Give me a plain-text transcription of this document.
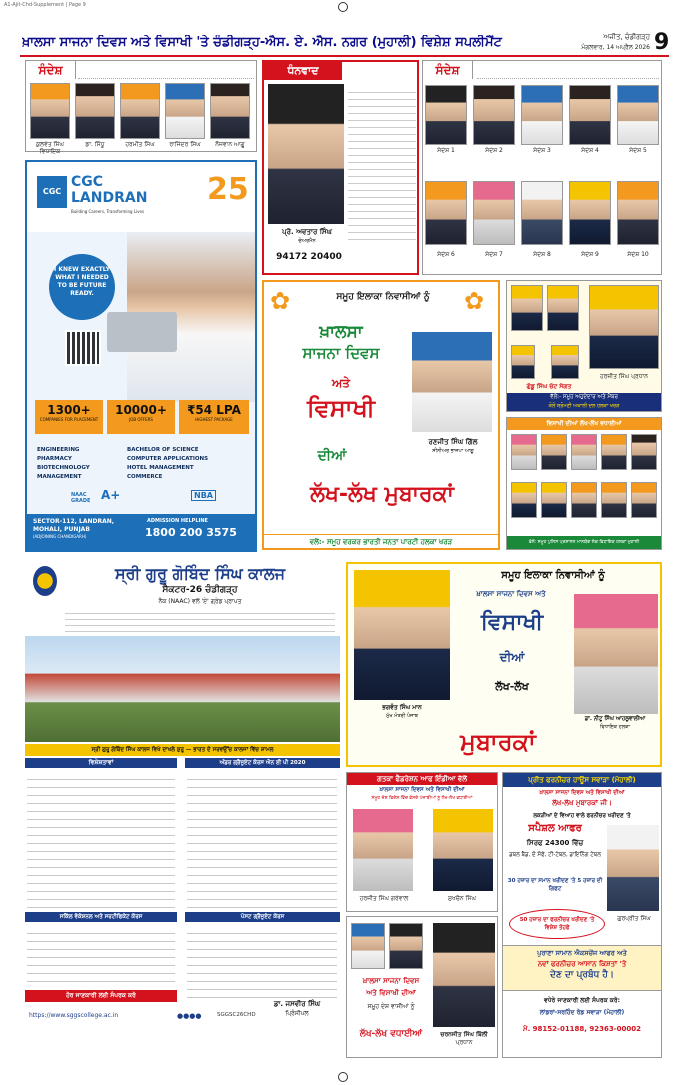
A1-Ajit-Chd-Supplement | Page 9
ਖ਼ਾਲਸਾ ਸਾਜਨਾ ਦਿਵਸ ਅਤੇ ਵਿਸਾਖੀ 'ਤੇ ਚੰਡੀਗੜ੍ਹ-ਐਸ. ਏ. ਐਸ. ਨਗਰ (ਮੁਹਾਲੀ) ਵਿਸ਼ੇਸ਼ ਸਪਲੀਮੈਂਟ	ਅਜੀਤ, ਚੰਡੀਗੜ੍ਹ
ਮੰਗਲਵਾਰ, 14 ਅਪ੍ਰੈਲ 2026 9
ਸੰਦੇਸ਼
ਕੁਲਵੰਤ ਸਿੰਘ ਵਿਧਾਇਕ
ਡਾ. ਸਿੱਧੂ	ਹਰਮੀਤ ਸਿੰਘ	ਰਾਜਿੰਦਰ ਸਿੰਘ	ਨੌਜਵਾਨ ਆਗੂ
CGC
CGC
LANDRAN
Building Careers, Transforming Lives
25
I KNEW EXACTLY WHAT I NEEDED TO BE FUTURE READY.
1300+
COMPANIES FOR PLACEMENT
10000+
JOB OFFERS
₹54 LPA
HIGHEST PACKAGE
ENGINEERING
PHARMACY
BIOTECHNOLOGY
MANAGEMENT
BACHELOR OF SCIENCE
COMPUTER APPLICATIONS
HOTEL MANAGEMENT
COMMERCE
NAAC GRADE A+	NBA
SECTOR-112, LANDRAN,
MOHALI, PUNJAB
(ADJOINING CHANDIGARH)
ADMISSION HELPLINE
1800 200 3575
ਧੰਨਵਾਦ
ਪ੍ਰੋ. ਅਵਤਾਰ ਸਿੰਘ
ਚੇਅਰਮੈਨ
94172 20400
ਸੰਦੇਸ਼
ਸੰਦੇਸ਼ 1	ਸੰਦੇਸ਼ 2	ਸੰਦੇਸ਼ 3	ਸੰਦੇਸ਼ 4	ਸੰਦੇਸ਼ 5
ਸੰਦੇਸ਼ 6	ਸੰਦੇਸ਼ 7	ਸੰਦੇਸ਼ 8	ਸੰਦੇਸ਼ 9	ਸੰਦੇਸ਼ 10
✿	✿
ਸਮੂਹ ਇਲਾਕਾ ਨਿਵਾਸੀਆਂ ਨੂੰ
ਖ਼ਾਲਸਾ
ਸਾਜਨਾ ਦਿਵਸ
ਅਤੇ
ਵਿਸਾਖੀ
ਦੀਆਂ
ਰਣਜੀਤ ਸਿੰਘ ਗਿੱਲ
ਸੀਨੀਅਰ ਭਾਜਪਾ ਆਗੂ
ਲੱਖ-ਲੱਖ ਮੁਬਾਰਕਾਂ
ਵਲੋਂ:- ਸਮੂਹ ਵਰਕਰ ਭਾਰਤੀ ਜਨਤਾ ਪਾਰਟੀ ਹਲਕਾ ਖਰੜ
ਹਰਜੀਤ ਸਿੰਘ ਪ੍ਰਧਾਨ
ਗੁੱਡੂ ਸਿੰਘ ਚੋਟ ਸੰਗਤ
ਵੱਲੋਂ:- ਸਮੂਹ ਅਹੁਦੇਦਾਰ ਅਤੇ ਮੈਂਬਰ
ਕੋਲੋਂ ਸ਼੍ਰੋਮਣੀ ਅਕਾਲੀ ਦਲ ਹਲਕਾ ਖਰੜ
ਵਿਸਾਖੀ ਦੀਆਂ ਲੱਖ-ਲੱਖ ਵਧਾਈਆਂ
ਵੱਲੋਂ: ਸਮੂਹ ਪੁਲਿਸ ਪ੍ਰਸ਼ਾਸਨ ਮਾਨਯੋਗ ਲੋਕ ਵਿਧਾਇਕ ਹਲਕਾ ਮੁਹਾਲੀ
ਸ੍ਰੀ ਗੁਰੂ ਗੋਬਿੰਦ ਸਿੰਘ ਕਾਲਜ
ਸੈਕਟਰ-26 ਚੰਡੀਗੜ੍ਹ
ਨੈਕ (NAAC) ਵਲੋਂ 'ਏ' ਗ੍ਰੇਡ ਪ੍ਰਾਪਤ
ਸ੍ਰੀ ਗੁਰੂ ਗੋਬਿੰਦ ਸਿੰਘ ਕਾਲਜ ਵਿਖੇ ਦਾਖਲੇ ਸ਼ੁਰੂ — ਭਾਰਤ ਦੇ ਸਰਵਉੱਚ ਕਾਲਜਾਂ ਵਿੱਚ ਸ਼ਾਮਲ
ਵਿਸ਼ੇਸ਼ਤਾਵਾਂ
ਸਕਿੱਲ ਵੋਕੇਸ਼ਨਲ ਅਤੇ ਸਰਟੀਫਿਕੇਟ ਕੋਰਸ
ਹੋਰ ਜਾਣਕਾਰੀ ਲਈ ਸੰਪਰਕ ਕਰੋ
ਅੰਡਰ ਗ੍ਰੈਜੂਏਟ ਕੋਰਸ ਐਨ ਈ ਪੀ 2020
ਪੋਸਟ ਗ੍ਰੈਜੂਏਟ ਕੋਰਸ
https://www.sggscollege.ac.in	●●●●	SGGSC26CHD
ਡਾ. ਜਸਵੀਰ ਸਿੰਘ
ਪ੍ਰਿੰਸੀਪਲ
ਸਮੂਹ ਇਲਾਕਾ ਨਿਵਾਸੀਆਂ ਨੂੰ
ਭਗਵੰਤ ਸਿੰਘ ਮਾਨ
ਮੁੱਖ ਮੰਤਰੀ ਪੰਜਾਬ
ਖ਼ਾਲਸਾ ਸਾਜਨਾ ਦਿਵਸ ਅਤੇ
ਵਿਸਾਖੀ
ਦੀਆਂ
ਲੱਖ-ਲੱਖ
ਮੁਬਾਰਕਾਂ
ਡਾ. ਨੀਟੂ ਸਿੰਘ ਆਹਲੂਵਾਲੀਆ
ਵਿਧਾਇਕ ਹਲਕਾ
ਗਤਕਾ ਫੈਡਰੇਸ਼ਨ ਆਫ ਇੰਡੀਆ ਵੱਲੋਂ
ਖ਼ਾਲਸਾ ਸਾਜਨਾ ਦਿਵਸ ਅਤੇ ਵਿਸਾਖੀ ਦੀਆਂ
ਸਮੂਹ ਦੇਸ਼ ਵਿਦੇਸ਼ ਵਿੱਚ ਵੱਸਦੇ ਪੰਜਾਬੀਆਂ ਨੂੰ ਲੱਖ-ਲੱਖ ਵਧਾਈਆਂ
ਹਰਜੀਤ ਸਿੰਘ ਗਰੇਵਾਲ	ਸੁਖਚੈਨ ਸਿੰਘ
ਖ਼ਾਲਸਾ ਸਾਜਨਾ ਦਿਵਸ
ਅਤੇ ਵਿਸਾਖੀ ਦੀਆਂ
ਸਮੂਹ ਦੇਸ਼ ਵਾਸੀਆਂ ਨੂੰ
ਲੱਖ-ਲੱਖ ਵਧਾਈਆਂ	ਚਰਨਜੀਤ ਸਿੰਘ ਬਿੱਲੀ
ਪ੍ਰਧਾਨ
ਪ੍ਰੀਤ ਫਰਨੀਚਰ ਹਾਊਸ ਸਵਾੜਾ (ਮੋਹਾਲੀ)
ਖ਼ਾਲਸਾ ਸਾਜਨਾ ਦਿਵਸ ਅਤੇ ਵਿਸਾਖੀ ਦੀਆਂ
ਲੱਖ-ਲੱਖ ਮੁਬਾਰਕਾਂ ਜੀ।
ਲਕੜੀਆਂ ਦੇ ਵਿਆਹ ਵਾਲੇ ਫਰਨੀਚਰ ਖਰੀਦਣ 'ਤੇ
ਸਪੈਸ਼ਲ ਆਫਰ
ਸਿਰਫ 24300 ਵਿੱਚ
ਡਬਲ ਬੈਡ, ਦੋ ਸੋਫੇ, ਟੀ-ਟੇਬਲ, ਡਾਇਨਿੰਗ ਟੇਬਲ
30 ਹਜ਼ਾਰ ਦਾ ਸਮਾਨ ਖਰੀਦਣ 'ਤੇ 5 ਹਜ਼ਾਰ ਦੀ ਗਿਫਟ
50 ਹਜ਼ਾਰ ਦਾ ਫਰਨੀਚਰ ਖਰੀਦਣ 'ਤੇ ਵਿਸ਼ੇਸ਼ ਤੋਹਫੇ
ਗੁਰਪ੍ਰੀਤ ਸਿੰਘ
ਪੁਰਾਣਾ ਸਾਮਾਨ ਐਕਸਚੇਂਜ ਆਫਰ ਅਤੇ
ਨਵਾਂ ਫਰਨੀਚਰ ਆਸਾਨ ਕਿਸ਼ਤਾਂ 'ਤੇ
ਦੇਣ ਦਾ ਪ੍ਰਬੰਧ ਹੈ।
ਵਧੇਰੇ ਜਾਣਕਾਰੀ ਲਈ ਸੰਪਰਕ ਕਰੋ:
ਲਾਂਡਰਾਂ-ਸਰਹਿੰਦ ਰੋਡ ਸਵਾੜਾ (ਮੋਹਾਲੀ)
ਮੋ. 98152-01188, 92363-00002
